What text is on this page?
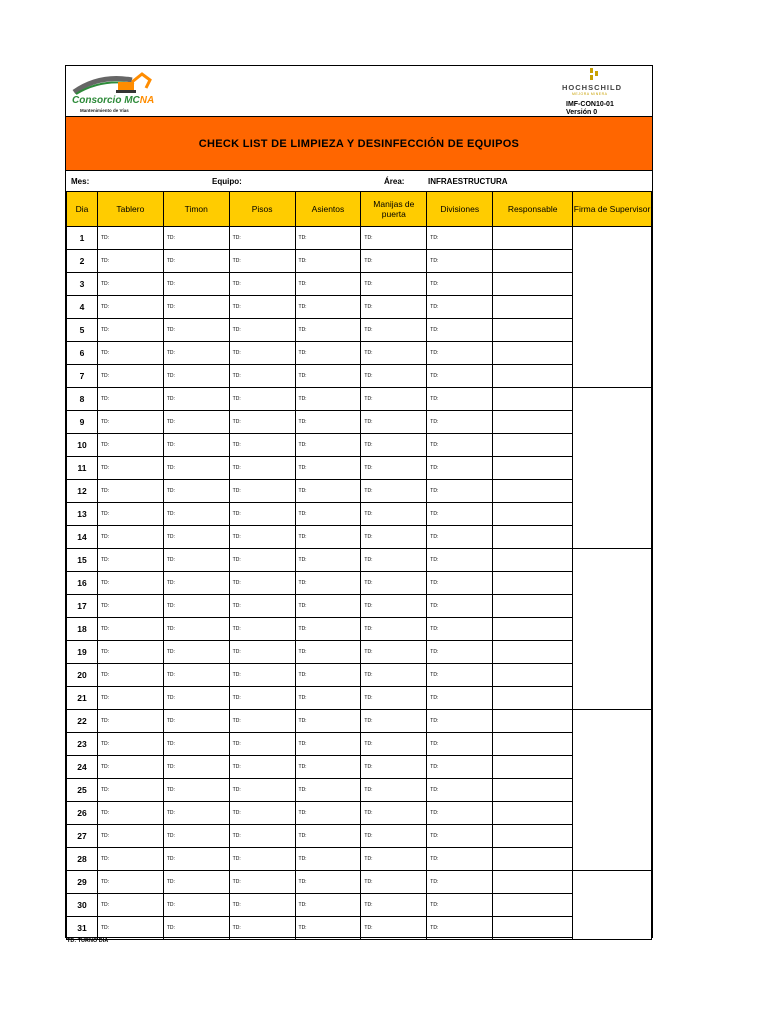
Consorcio MCNA
Mantenimiento de Vías
HOCHSCHILD
MEJORA MINERA
IMF-CON10-01
Versión 0
CHECK LIST DE LIMPIEZA Y DESINFECCIÓN DE EQUIPOS
Mes:	Equipo:	Área:	INFRAESTRUCTURA
Dia	Tablero	Timon	Pisos	Asientos	Manijas de puerta	Divisiones	Responsable	Firma de Supervisor
1	TD:	TD:	TD:	TD:	TD:	TD:		
2	TD:	TD:	TD:	TD:	TD:	TD:		
3	TD:	TD:	TD:	TD:	TD:	TD:		
4	TD:	TD:	TD:	TD:	TD:	TD:		
5	TD:	TD:	TD:	TD:	TD:	TD:		
6	TD:	TD:	TD:	TD:	TD:	TD:		
7	TD:	TD:	TD:	TD:	TD:	TD:		
8	TD:	TD:	TD:	TD:	TD:	TD:		
9	TD:	TD:	TD:	TD:	TD:	TD:		
10	TD:	TD:	TD:	TD:	TD:	TD:		
11	TD:	TD:	TD:	TD:	TD:	TD:		
12	TD:	TD:	TD:	TD:	TD:	TD:		
13	TD:	TD:	TD:	TD:	TD:	TD:		
14	TD:	TD:	TD:	TD:	TD:	TD:		
15	TD:	TD:	TD:	TD:	TD:	TD:		
16	TD:	TD:	TD:	TD:	TD:	TD:		
17	TD:	TD:	TD:	TD:	TD:	TD:		
18	TD:	TD:	TD:	TD:	TD:	TD:		
19	TD:	TD:	TD:	TD:	TD:	TD:		
20	TD:	TD:	TD:	TD:	TD:	TD:		
21	TD:	TD:	TD:	TD:	TD:	TD:		
22	TD:	TD:	TD:	TD:	TD:	TD:		
23	TD:	TD:	TD:	TD:	TD:	TD:		
24	TD:	TD:	TD:	TD:	TD:	TD:		
25	TD:	TD:	TD:	TD:	TD:	TD:		
26	TD:	TD:	TD:	TD:	TD:	TD:		
27	TD:	TD:	TD:	TD:	TD:	TD:		
28	TD:	TD:	TD:	TD:	TD:	TD:		
29	TD:	TD:	TD:	TD:	TD:	TD:		
30	TD:	TD:	TD:	TD:	TD:	TD:		
31	TD:	TD:	TD:	TD:	TD:	TD:		
TD: TURNO DÍA
